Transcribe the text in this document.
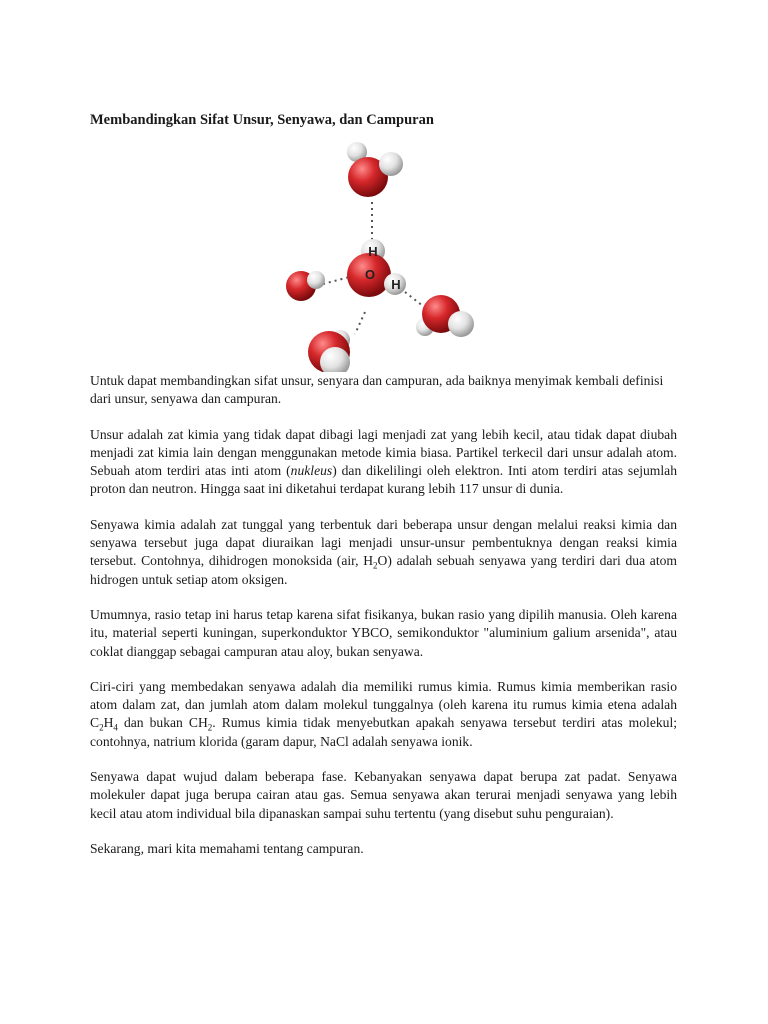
Membandingkan Sifat Unsur, Senyawa, dan Campuran

H
O
H

Untuk dapat membandingkan sifat unsur, senyara dan campuran, ada baiknya menyimak kembali definisi dari unsur, senyawa dan campuran.

Unsur adalah zat kimia yang tidak dapat dibagi lagi menjadi zat yang lebih kecil, atau tidak dapat diubah menjadi zat kimia lain dengan menggunakan metode kimia biasa. Partikel terkecil dari unsur adalah atom. Sebuah atom terdiri atas inti atom (nukleus) dan dikelilingi oleh elektron. Inti atom terdiri atas sejumlah proton dan neutron. Hingga saat ini diketahui terdapat kurang lebih 117 unsur di dunia.

Senyawa kimia adalah zat tunggal yang terbentuk dari beberapa unsur dengan melalui reaksi kimia dan senyawa tersebut juga dapat diuraikan lagi menjadi unsur-unsur pembentuknya dengan reaksi kimia tersebut. Contohnya, dihidrogen monoksida (air, $H_2O$) adalah sebuah senyawa yang terdiri dari dua atom hidrogen untuk setiap atom oksigen.

Umumnya, rasio tetap ini harus tetap karena sifat fisikanya, bukan rasio yang dipilih manusia. Oleh karena itu, material seperti kuningan, superkonduktor YBCO, semikonduktor "aluminium galium arsenida", atau coklat dianggap sebagai campuran atau aloy, bukan senyawa.

Ciri-ciri yang membedakan senyawa adalah dia memiliki rumus kimia. Rumus kimia memberikan rasio atom dalam zat, dan jumlah atom dalam molekul tunggalnya (oleh karena itu rumus kimia etena adalah $C_2H_4$ dan bukan $CH_2$. Rumus kimia tidak menyebutkan apakah senyawa tersebut terdiri atas molekul; contohnya, natrium klorida (garam dapur, NaCl adalah senyawa ionik.

Senyawa dapat wujud dalam beberapa fase. Kebanyakan senyawa dapat berupa zat padat. Senyawa molekuler dapat juga berupa cairan atau gas. Semua senyawa akan terurai menjadi senyawa yang lebih kecil atau atom individual bila dipanaskan sampai suhu tertentu (yang disebut suhu penguraian).

Sekarang, mari kita memahami tentang campuran.
